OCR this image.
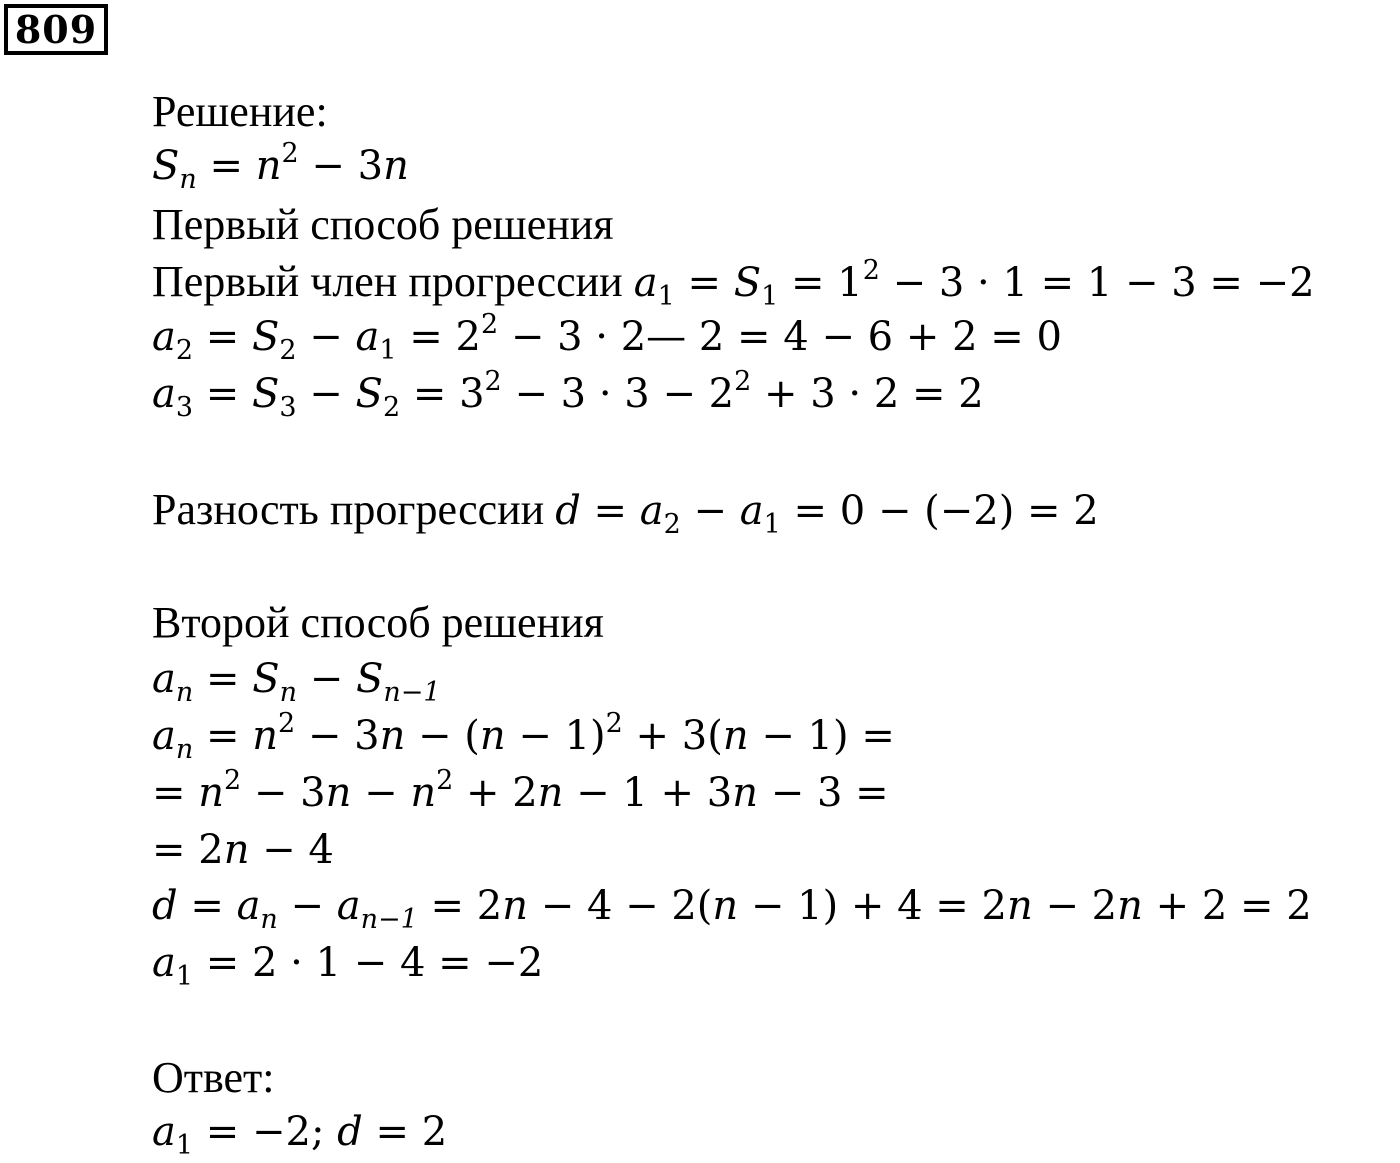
809
Решение:
$S_n = n^2 - 3n$
Первый способ решения
Первый член прогрессии $a_1 = S_1 = 1^2 - 3 \cdot 1 = 1 - 3 = -2$
$a_2 = S_2 - a_1 = 2^2 - 3$ · 2— 2 = 4 − 6 + 2 = 0
$a_3 = S_3 - S_2 = 3^2 - 3 \cdot 3 - 2^2 + 3 \cdot 2 = 2$
Разность прогрессии $d = a_2 - a_1 = 0 - (-2) = 2$
Второй способ решения
$a_n = S_n - S_{n-1}$
$a_n = n^2 - 3n - (n - 1)^2 + 3(n - 1)$ =
= $n^2 - 3n - n^2 + 2n - 1 + 3n - 3$ =
= 2n − 4
$d = a_n - a_{n-1} = 2n - 4 - 2(n - 1) + 4 = 2n - 2n + 2 = 2$
$a_1 = 2 \cdot 1 - 4 = -2$
Ответ:
$a_1 = -2$; d = 2
